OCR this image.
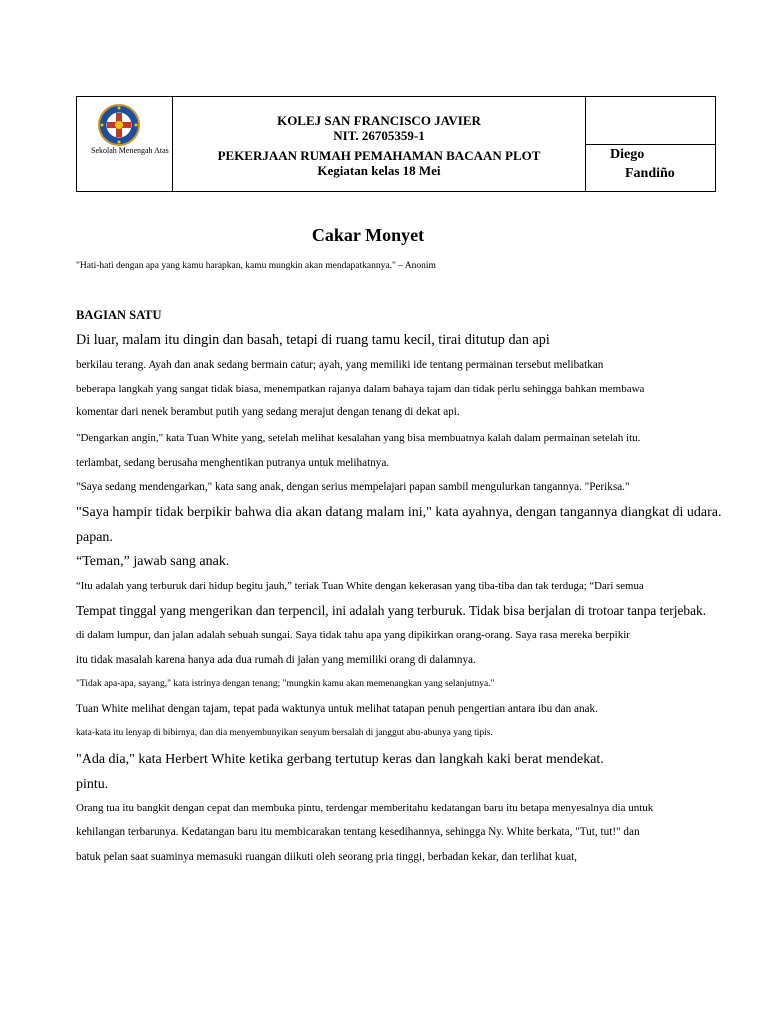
Sekolah Menengah Atas
KOLEJ SAN FRANCISCO JAVIER
NIT. 26705359-1
PEKERJAAN RUMAH PEMAHAMAN BACAAN PLOT
Kegiatan kelas 18 Mei
Diego
Fandiño
Cakar Monyet
"Hati-hati dengan apa yang kamu harapkan, kamu mungkin akan mendapatkannya." – Anonim
BAGIAN SATU
Di luar, malam itu dingin dan basah, tetapi di ruang tamu kecil, tirai ditutup dan api
berkilau terang. Ayah dan anak sedang bermain catur; ayah, yang memiliki ide tentang permainan tersebut melibatkan
beberapa langkah yang sangat tidak biasa, menempatkan rajanya dalam bahaya tajam dan tidak perlu sehingga bahkan membawa
komentar dari nenek berambut putih yang sedang merajut dengan tenang di dekat api.
"Dengarkan angin," kata Tuan White yang, setelah melihat kesalahan yang bisa membuatnya kalah dalam permainan setelah itu.
terlambat, sedang berusaha menghentikan putranya untuk melihatnya.
"Saya sedang mendengarkan," kata sang anak, dengan serius mempelajari papan sambil mengulurkan tangannya. "Periksa."
"Saya hampir tidak berpikir bahwa dia akan datang malam ini," kata ayahnya, dengan tangannya diangkat di udara.
papan.
“Teman,” jawab sang anak.
“Itu adalah yang terburuk dari hidup begitu jauh,” teriak Tuan White dengan kekerasan yang tiba-tiba dan tak terduga; “Dari semua
Tempat tinggal yang mengerikan dan terpencil, ini adalah yang terburuk. Tidak bisa berjalan di trotoar tanpa terjebak.
di dalam lumpur, dan jalan adalah sebuah sungai. Saya tidak tahu apa yang dipikirkan orang-orang. Saya rasa mereka berpikir
itu tidak masalah karena hanya ada dua rumah di jalan yang memiliki orang di dalamnya.
"Tidak apa-apa, sayang," kata istrinya dengan tenang; "mungkin kamu akan memenangkan yang selanjutnya."
Tuan White melihat dengan tajam, tepat pada waktunya untuk melihat tatapan penuh pengertian antara ibu dan anak.
kata-kata itu lenyap di bibirnya, dan dia menyembunyikan senyum bersalah di janggut abu-abunya yang tipis.
"Ada dia," kata Herbert White ketika gerbang tertutup keras dan langkah kaki berat mendekat.
pintu.
Orang tua itu bangkit dengan cepat dan membuka pintu, terdengar memberitahu kedatangan baru itu betapa menyesalnya dia untuk
kehilangan terbarunya. Kedatangan baru itu membicarakan tentang kesedihannya, sehingga Ny. White berkata, "Tut, tut!" dan
batuk pelan saat suaminya memasuki ruangan diikuti oleh seorang pria tinggi, berbadan kekar, dan terlihat kuat,
